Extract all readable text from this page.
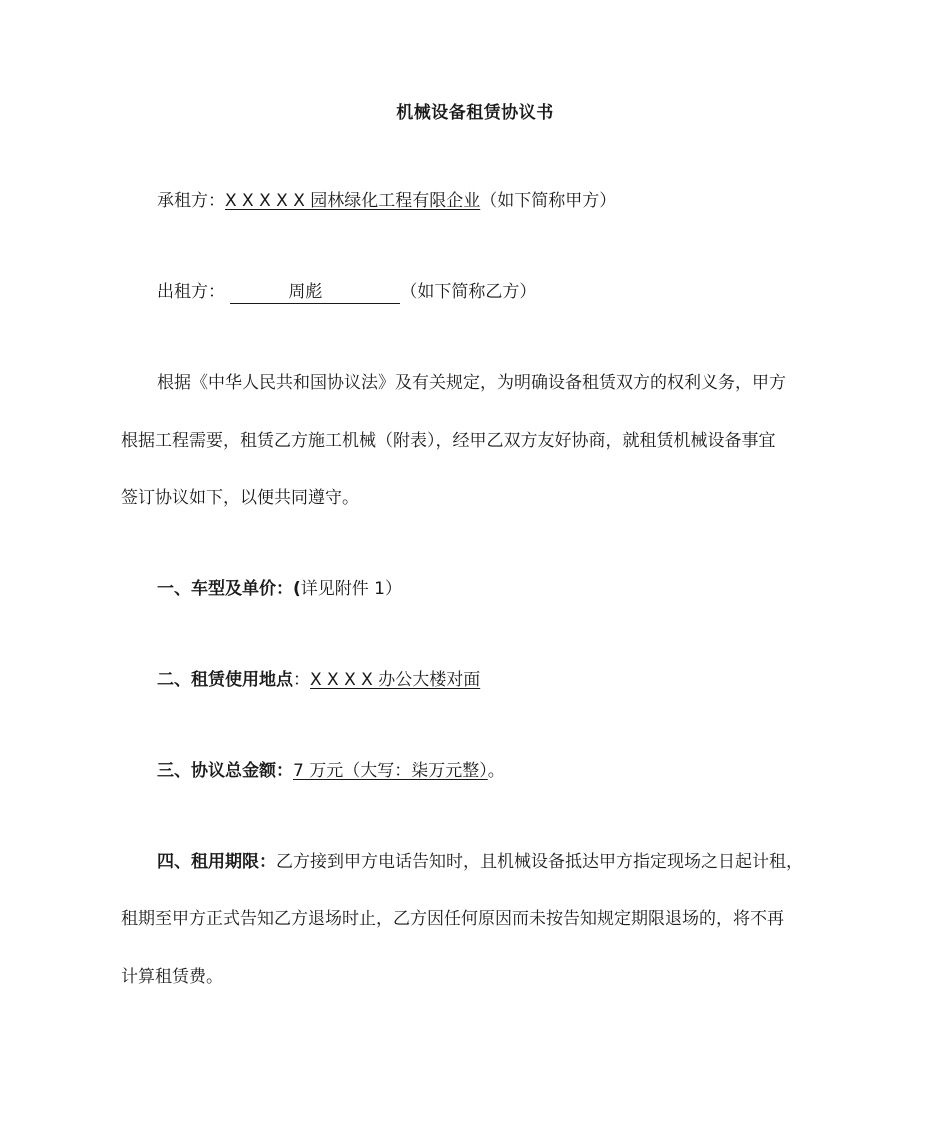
机械设备租赁协议书
承租方：X X X X X 园林绿化工程有限企业（如下简称甲方）
出租方：	周彪	（如下简称乙方）
根据《中华人民共和国协议法》及有关规定，为明确设备租赁双方的权利义务，甲方
根据工程需要，租赁乙方施工机械（附表），经甲乙双方友好协商，就租赁机械设备事宜
签订协议如下，以便共同遵守。
一、车型及单价：(详见附件 1）
二、租赁使用地点：X X X X 办公大楼对面
三、协议总金额：7 万元（大写：柒万元整）。
四、租用期限：乙方接到甲方电话告知时，且机械设备抵达甲方指定现场之日起计租，
租期至甲方正式告知乙方退场时止，乙方因任何原因而未按告知规定期限退场的，将不再
计算租赁费。
